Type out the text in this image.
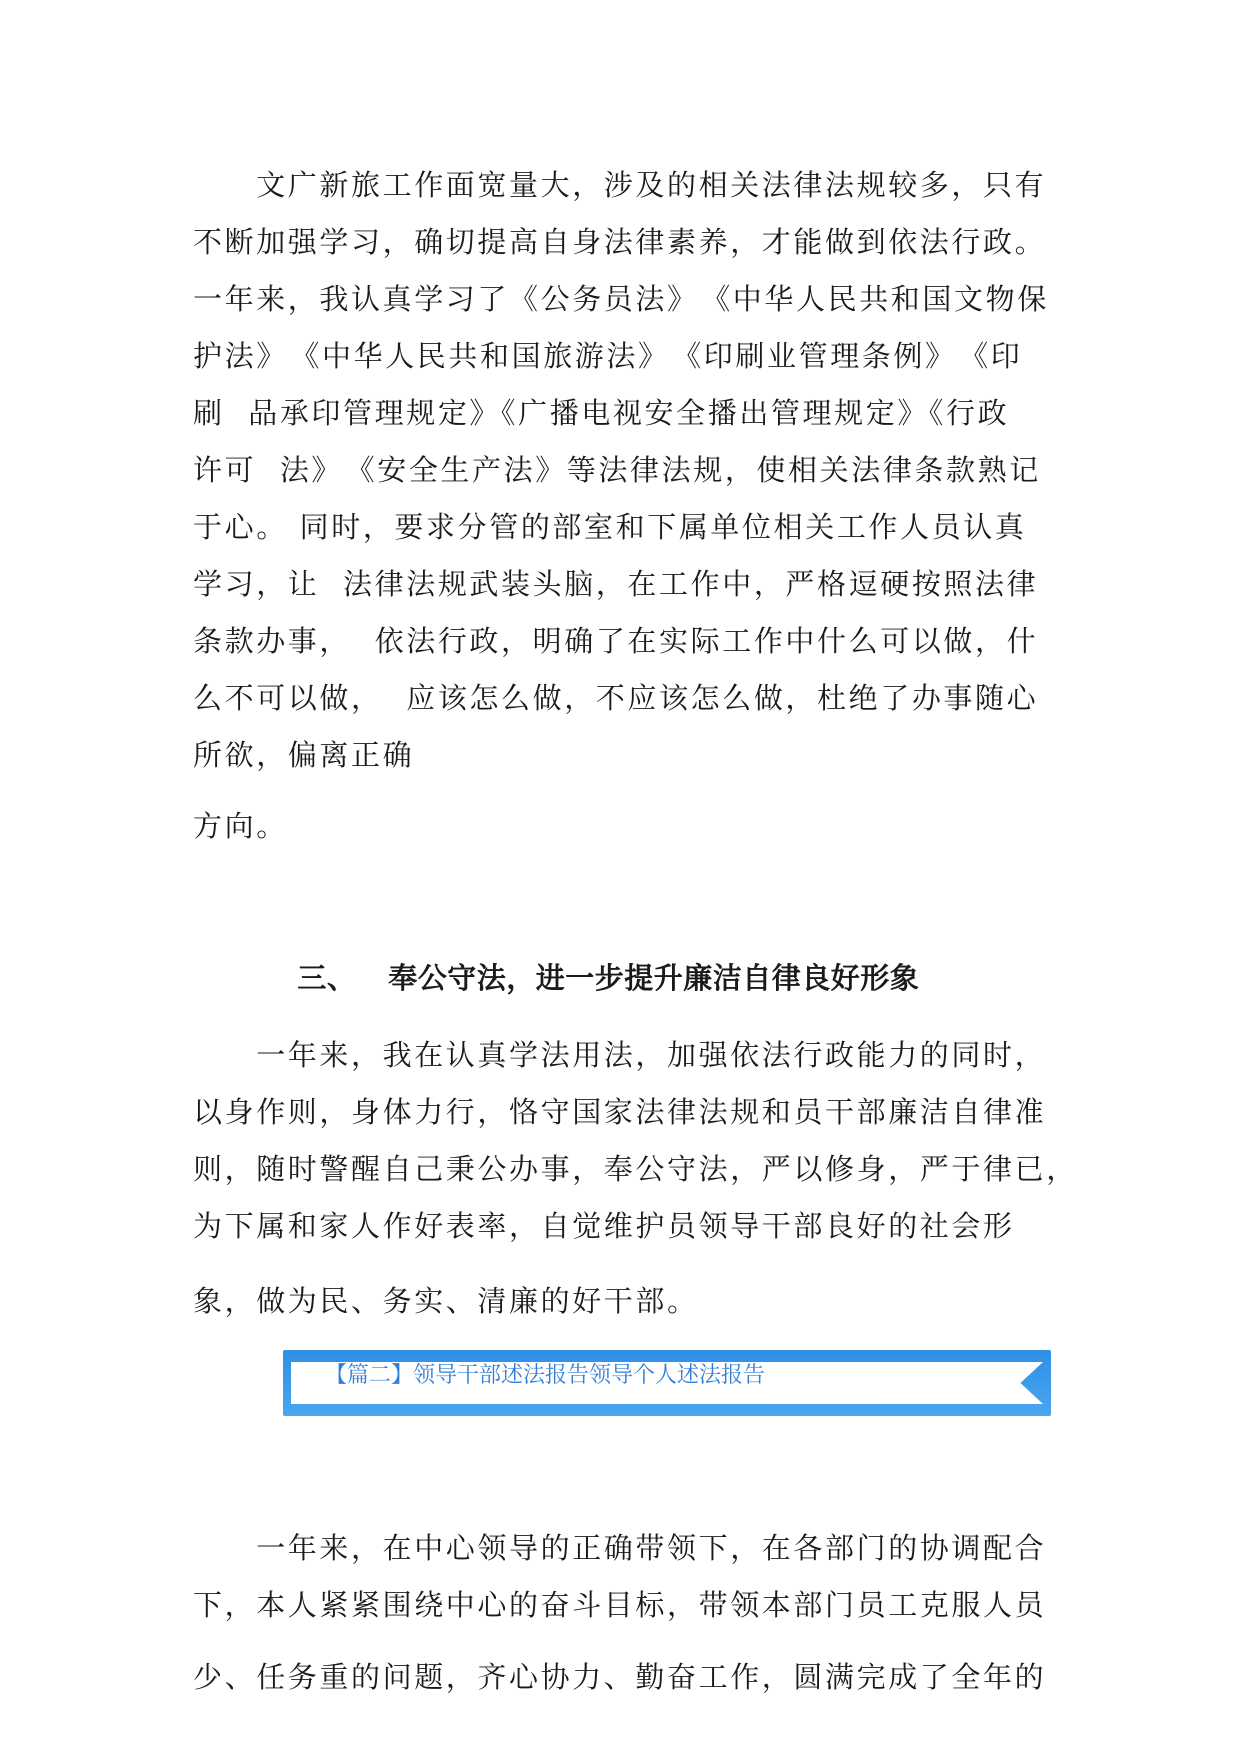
　　文广新旅工作面宽量大，涉及的相关法律法规较多，只有
不断加强学习，确切提高自身法律素养，才能做到依法行政。
一年来，我认真学习了《公务员法》　《中华人民共和国文物保
护法》　《中华人民共和国旅游法》　《印刷业管理条例》　《印
刷  品承印管理规定》《广播电视安全播出管理规定》《行政
许可  法》　《安全生产法》等法律法规，使相关法律条款熟记
于心。 同时，要求分管的部室和下属单位相关工作人员认真
学习，让  法律法规武装头脑，在工作中，严格逗硬按照法律
条款办事，  依法行政，明确了在实际工作中什么可以做，什
么不可以做，  应该怎么做，不应该怎么做，杜绝了办事随心
所欲，偏离正确
方向。

三、 奉公守法，进一步提升廉洁自律良好形象

　　一年来，我在认真学法用法，加强依法行政能力的同时，
以身作则，身体力行，恪守国家法律法规和员干部廉洁自律准
则，随时警醒自己秉公办事，奉公守法，严以修身，严于律已，
为下属和家人作好表率，自觉维护员领导干部良好的社会形
象，做为民、务实、清廉的好干部。

【篇二】领导干部述法报告领导个人述法报告

　　一年来，在中心领导的正确带领下，在各部门的协调配合
下，本人紧紧围绕中心的奋斗目标，带领本部门员工克服人员
少、任务重的问题，齐心协力、勤奋工作，圆满完成了全年的
